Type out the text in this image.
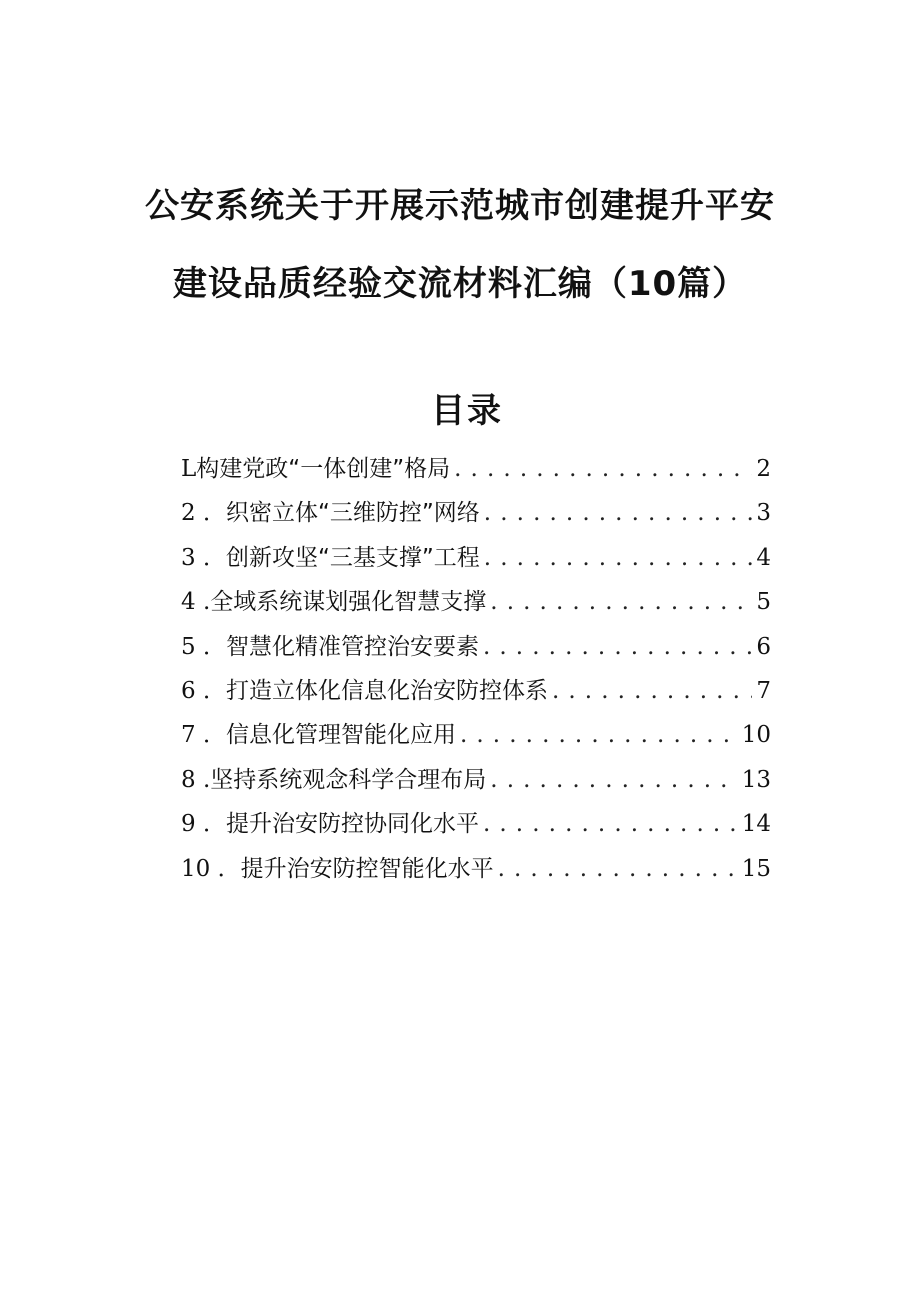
公安系统关于开展示范城市创建提升平安
建设品质经验交流材料汇编（10篇）
目录
L 构建党政“一体创建”格局 . . .	2
2 ． 织密立体“三维防控”网络 . . .	3
3 ． 创新攻坚“三基支撑”工程 . . .	4
4 . 全域系统谋划强化智慧支撑 . . .	5
5 ． 智慧化精准管控治安要素 . . .	6
6 ． 打造立体化信息化治安防控体系 . . .	7
7 ． 信息化管理智能化应用 . . .	10
8 . 坚持系统观念科学合理布局 . . .	13
9 ． 提升治安防控协同化水平 . . .	14
10 ． 提升治安防控智能化水平 . . .	15
